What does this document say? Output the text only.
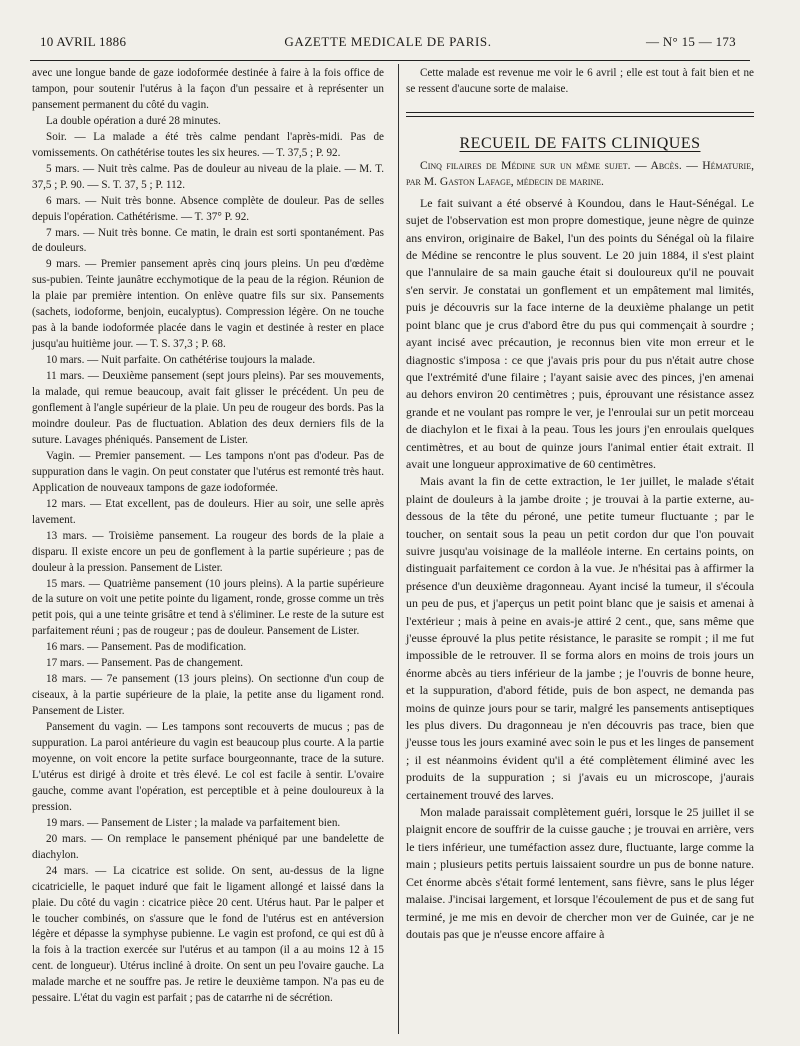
10 AVRIL 1886	GAZETTE MEDICALE DE PARIS.	— N° 15 — 173

avec une longue bande de gaze iodoformée destinée à faire à la fois office de tampon, pour soutenir l'utérus à la façon d'un pessaire et à représenter un pansement permanent du côté du vagin.

La double opération a duré 28 minutes.

Soir. — La malade a été très calme pendant l'après-midi. Pas de vomissements. On cathétérise toutes les six heures. — T. 37,5 ; P. 92.

5 mars. — Nuit très calme. Pas de douleur au niveau de la plaie. — M. T. 37,5 ; P. 90. — S. T. 37, 5 ; P. 112.

6 mars. — Nuit très bonne. Absence complète de douleur. Pas de selles depuis l'opération. Cathétérisme. — T. 37° P. 92.

7 mars. — Nuit très bonne. Ce matin, le drain est sorti spontanément. Pas de douleurs.

9 mars. — Premier pansement après cinq jours pleins. Un peu d'œdème sus-pubien. Teinte jaunâtre ecchymotique de la peau de la région. Réunion de la plaie par première intention. On enlève quatre fils sur six. Pansements (sachets, iodoforme, benjoin, eucalyptus). Compression légère. On ne touche pas à la bande iodoformée placée dans le vagin et destinée à rester en place jusqu'au huitième jour. — T. S. 37,3 ; P. 68.

10 mars. — Nuit parfaite. On cathétérise toujours la malade.

11 mars. — Deuxième pansement (sept jours pleins). Par ses mouvements, la malade, qui remue beaucoup, avait fait glisser le précédent. Un peu de gonflement à l'angle supérieur de la plaie. Un peu de rougeur des bords. Pas la moindre douleur. Pas de fluctuation. Ablation des deux derniers fils de la suture. Lavages phéniqués. Pansement de Lister.

Vagin. — Premier pansement. — Les tampons n'ont pas d'odeur. Pas de suppuration dans le vagin. On peut constater que l'utérus est remonté très haut. Application de nouveaux tampons de gaze iodoformée.

12 mars. — Etat excellent, pas de douleurs. Hier au soir, une selle après lavement.

13 mars. — Troisième pansement. La rougeur des bords de la plaie a disparu. Il existe encore un peu de gonflement à la partie supérieure ; pas de douleur à la pression. Pansement de Lister.

15 mars. — Quatrième pansement (10 jours pleins). A la partie supérieure de la suture on voit une petite pointe du ligament, ronde, grosse comme un très petit pois, qui a une teinte grisâtre et tend à s'éliminer. Le reste de la suture est parfaitement réuni ; pas de rougeur ; pas de douleur. Pansement de Lister.

16 mars. — Pansement. Pas de modification.

17 mars. — Pansement. Pas de changement.

18 mars. — 7e pansement (13 jours pleins). On sectionne d'un coup de ciseaux, à la partie supérieure de la plaie, la petite anse du ligament rond. Pansement de Lister.

Pansement du vagin. — Les tampons sont recouverts de mucus ; pas de suppuration. La paroi antérieure du vagin est beaucoup plus courte. A la partie moyenne, on voit encore la petite surface bourgeonnante, trace de la suture. L'utérus est dirigé à droite et très élevé. Le col est facile à sentir. L'ovaire gauche, comme avant l'opération, est perceptible et à peine douloureux à la pression.

19 mars. — Pansement de Lister ; la malade va parfaitement bien.

20 mars. — On remplace le pansement phéniqué par une bandelette de diachylon.

24 mars. — La cicatrice est solide. On sent, au-dessus de la ligne cicatricielle, le paquet induré que fait le ligament allongé et laissé dans la plaie. Du côté du vagin : cicatrice pièce 20 cent. Utérus haut. Par le palper et le toucher combinés, on s'assure que le fond de l'utérus est en antéversion légère et dépasse la symphyse pubienne. Le vagin est profond, ce qui est dû à la fois à la traction exercée sur l'utérus et au tampon (il a au moins 12 à 15 cent. de longueur). Utérus incliné à droite. On sent un peu l'ovaire gauche. La malade marche et ne souffre pas. Je retire le deuxième tampon. N'a pas eu de pessaire. L'état du vagin est parfait ; pas de catarrhe ni de sécrétion.

Cette malade est revenue me voir le 6 avril ; elle est tout à fait bien et ne se ressent d'aucune sorte de malaise.

RECUEIL DE FAITS CLINIQUES

Cinq filaires de Médine sur un même sujet. — Abcès. — Hématurie, par M. Gaston Lafage, médecin de marine.

Le fait suivant a été observé à Koundou, dans le Haut-Sénégal. Le sujet de l'observation est mon propre domestique, jeune nègre de quinze ans environ, originaire de Bakel, l'un des points du Sénégal où la filaire de Médine se rencontre le plus souvent. Le 20 juin 1884, il s'est plaint que l'annulaire de sa main gauche était si douloureux qu'il ne pouvait s'en servir. Je constatai un gonflement et un empâtement mal limités, puis je découvris sur la face interne de la deuxième phalange un petit point blanc que je crus d'abord être du pus qui commençait à sourdre ; ayant incisé avec précaution, je reconnus bien vite mon erreur et le diagnostic s'imposa : ce que j'avais pris pour du pus n'était autre chose que l'extrémité d'une filaire ; l'ayant saisie avec des pinces, j'en amenai au dehors environ 20 centimètres ; puis, éprouvant une résistance assez grande et ne voulant pas rompre le ver, je l'enroulai sur un petit morceau de diachylon et le fixai à la peau. Tous les jours j'en enroulais quelques centimètres, et au bout de quinze jours l'animal entier était extrait. Il avait une longueur approximative de 60 centimètres.

Mais avant la fin de cette extraction, le 1er juillet, le malade s'était plaint de douleurs à la jambe droite ; je trouvai à la partie externe, au-dessous de la tête du péroné, une petite tumeur fluctuante ; par le toucher, on sentait sous la peau un petit cordon dur que l'on pouvait suivre jusqu'au voisinage de la malléole interne. En certains points, on distinguait parfaitement ce cordon à la vue. Je n'hésitai pas à affirmer la présence d'un deuxième dragonneau. Ayant incisé la tumeur, il s'écoula un peu de pus, et j'aperçus un petit point blanc que je saisis et amenai à l'extérieur ; mais à peine en avais-je attiré 2 cent., que, sans même que j'eusse éprouvé la plus petite résistance, le parasite se rompit ; il me fut impossible de le retrouver. Il se forma alors en moins de trois jours un énorme abcès au tiers inférieur de la jambe ; je l'ouvris de bonne heure, et la suppuration, d'abord fétide, puis de bon aspect, ne demanda pas moins de quinze jours pour se tarir, malgré les pansements antiseptiques les plus divers. Du dragonneau je n'en découvris pas trace, bien que j'eusse tous les jours examiné avec soin le pus et les linges de pansement ; il est néanmoins évident qu'il a été complètement éliminé avec les produits de la suppuration ; si j'avais eu un microscope, j'aurais certainement trouvé des larves.

Mon malade paraissait complètement guéri, lorsque le 25 juillet il se plaignit encore de souffrir de la cuisse gauche ; je trouvai en arrière, vers le tiers inférieur, une tuméfaction assez dure, fluctuante, large comme la main ; plusieurs petits pertuis laissaient sourdre un pus de bonne nature. Cet énorme abcès s'était formé lentement, sans fièvre, sans le plus léger malaise. J'incisai largement, et lorsque l'écoulement de pus et de sang fut terminé, je me mis en devoir de chercher mon ver de Guinée, car je ne doutais pas que je n'eusse encore affaire à
